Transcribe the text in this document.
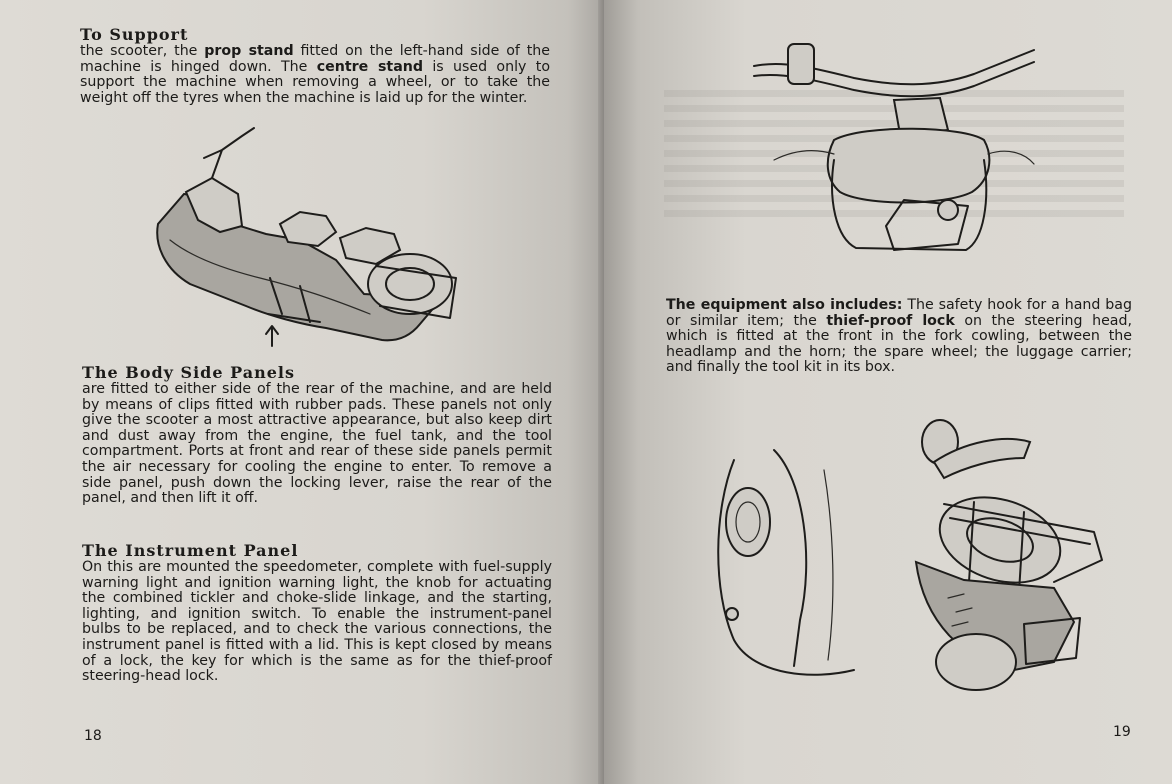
To Support

the scooter, the prop stand fitted on the left-hand side of the machine is hinged down. The centre stand is used only to support the machine when removing a wheel, or to take the weight off the tyres when the machine is laid up for the winter.

The Body Side Panels

are fitted to either side of the rear of the machine, and are held by means of clips fitted with rubber pads. These panels not only give the scooter a most attractive appearance, but also keep dirt and dust away from the engine, the fuel tank, and the tool compartment. Ports at front and rear of these side panels permit the air necessary for cooling the engine to enter. To remove a side panel, push down the locking lever, raise the rear of the panel, and then lift it off.

The Instrument Panel

On this are mounted the speedometer, complete with fuel-supply warning light and ignition warning light, the knob for actuating the combined tickler and choke-slide linkage, and the starting, lighting, and ignition switch. To enable the instrument-panel bulbs to be replaced, and to check the various connections, the instrument panel is fitted with a lid. This is kept closed by means of a lock, the key for which is the same as for the thief-proof steering-head lock.

18

The equipment also includes: The safety hook for a hand bag or similar item; the thief-proof lock on the steering head, which is fitted at the front in the fork cowling, between the headlamp and the horn; the spare wheel; the luggage carrier; and finally the tool kit in its box.

19
